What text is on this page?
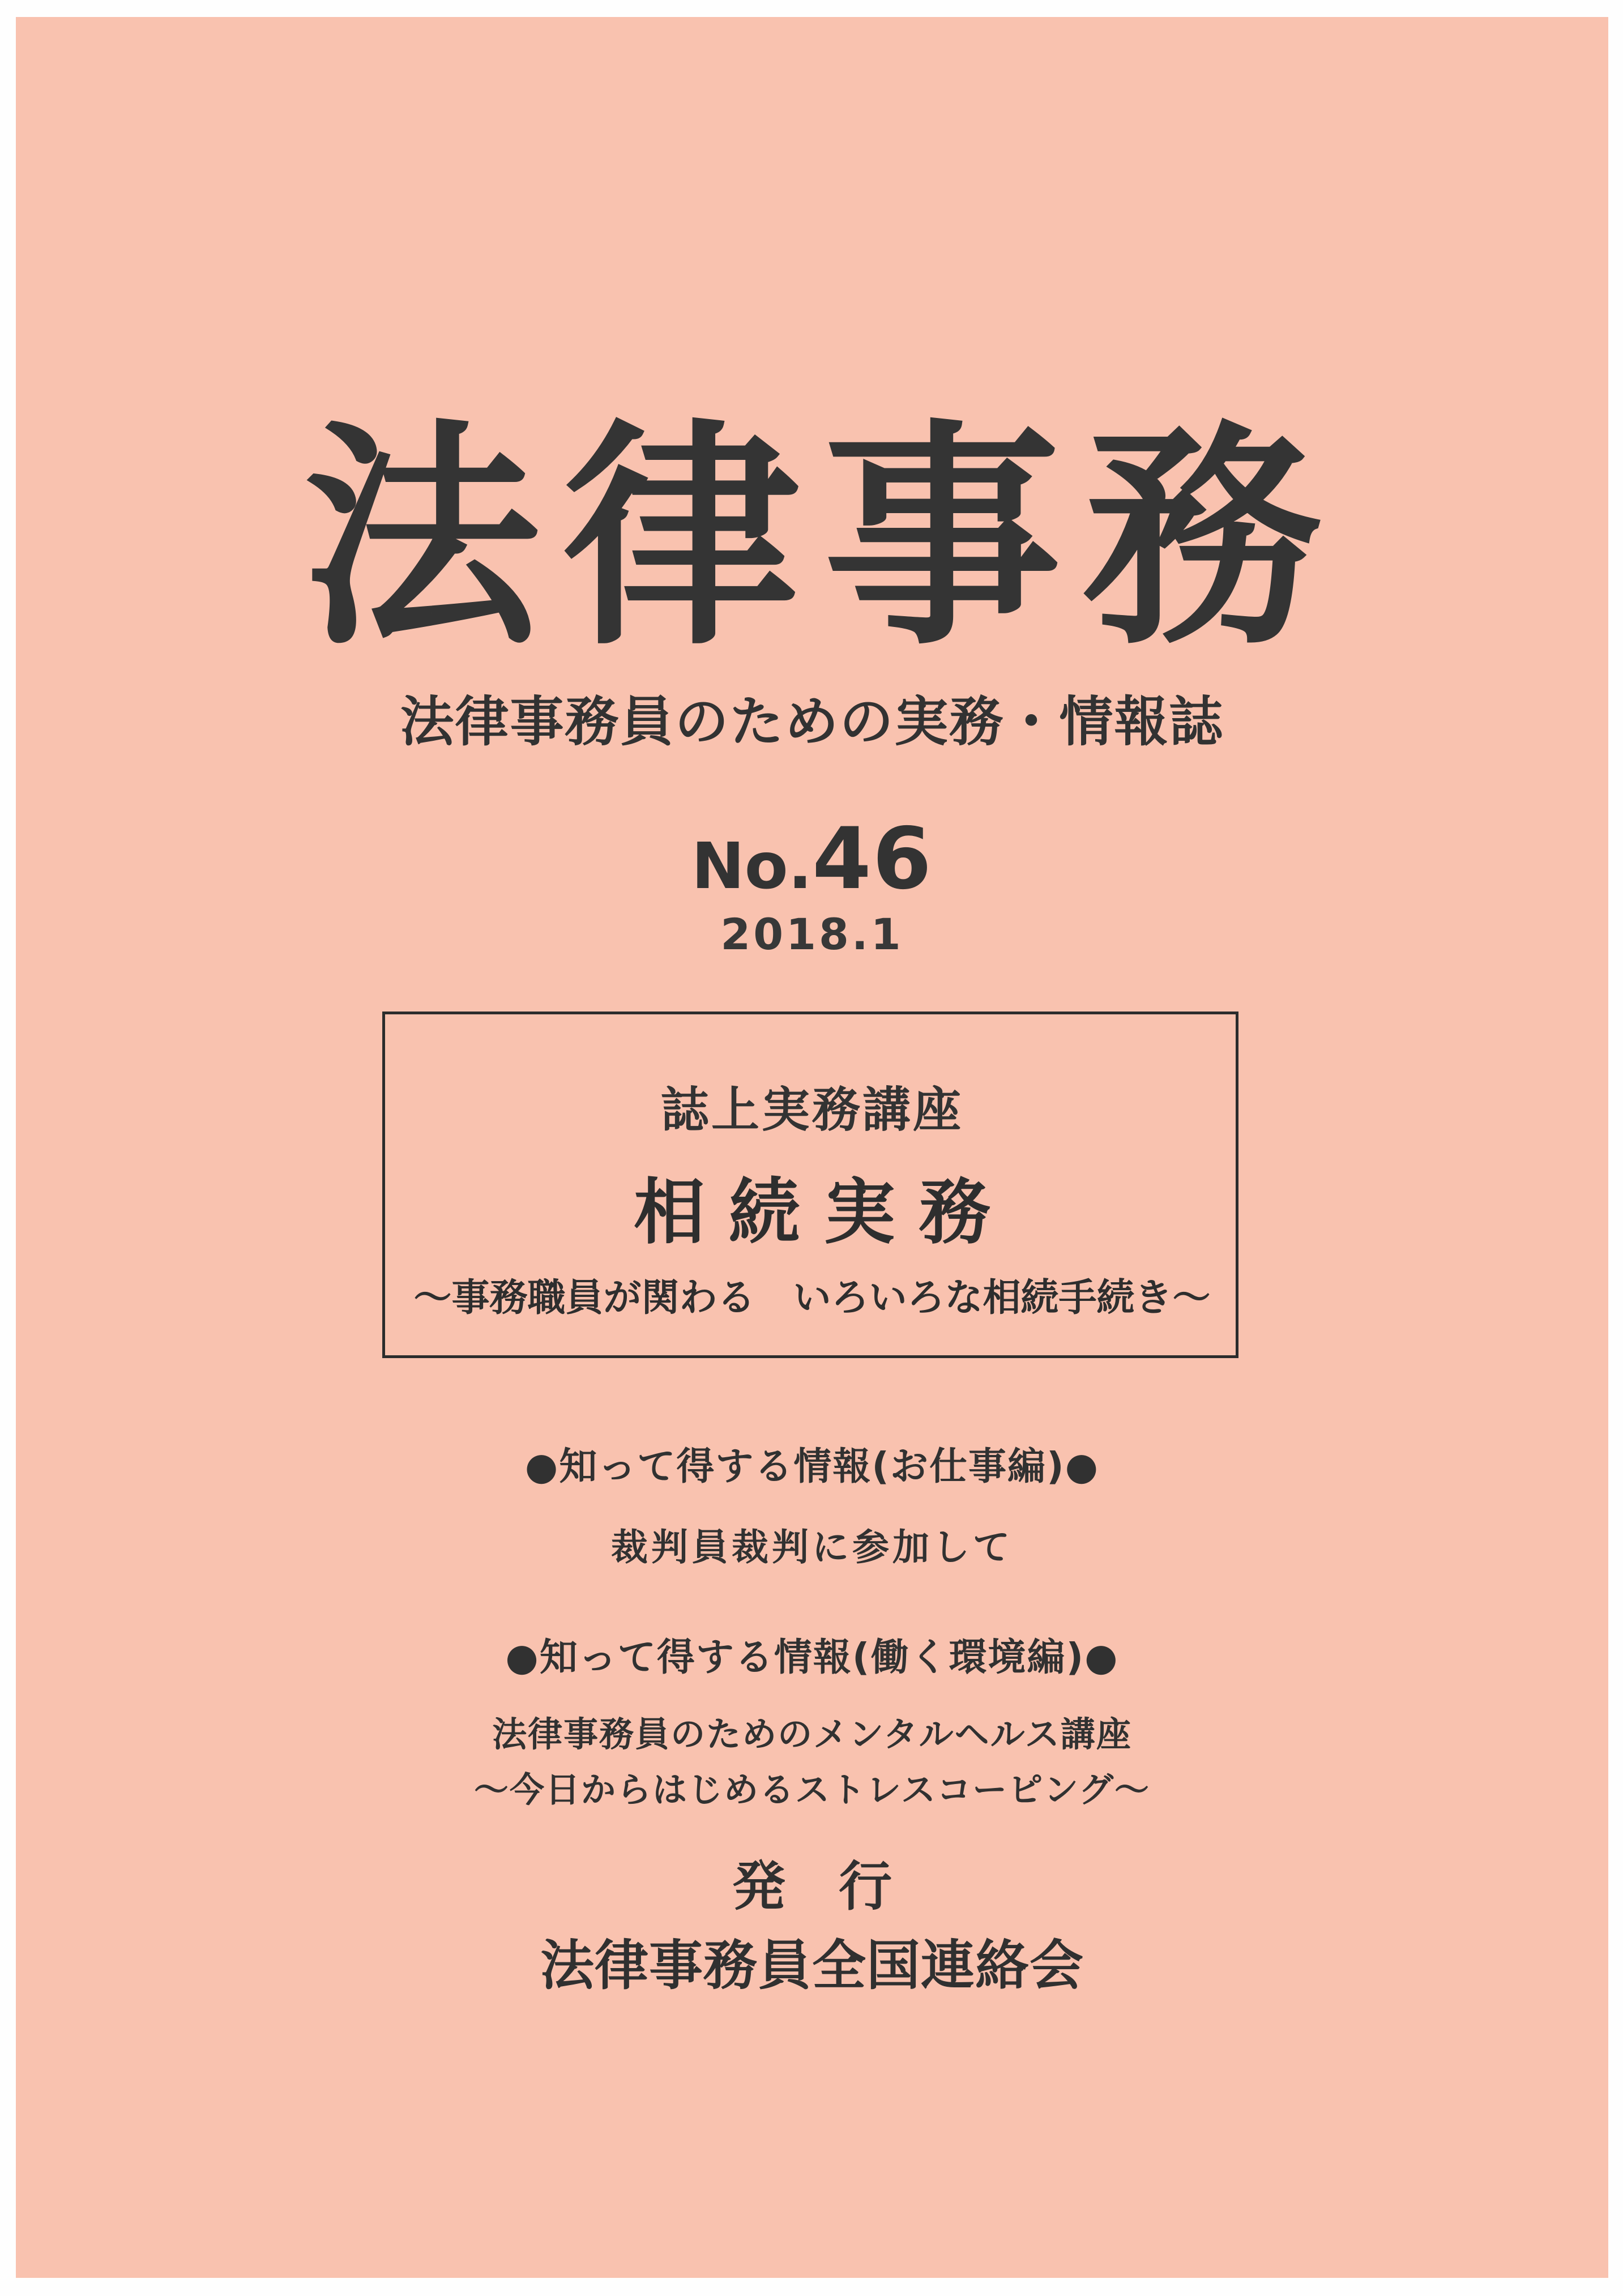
法律事務
法律事務員のための実務・情報誌
No. 46
2018.1
誌上実務講座
相続実務
～事務職員が関わる　いろいろな相続手続き～
●知って得する情報(お仕事編)●
裁判員裁判に参加して
●知って得する情報(働く環境編)●
法律事務員のためのメンタルヘルス講座
～今日からはじめるストレスコーピング～
発　行
法律事務員全国連絡会
